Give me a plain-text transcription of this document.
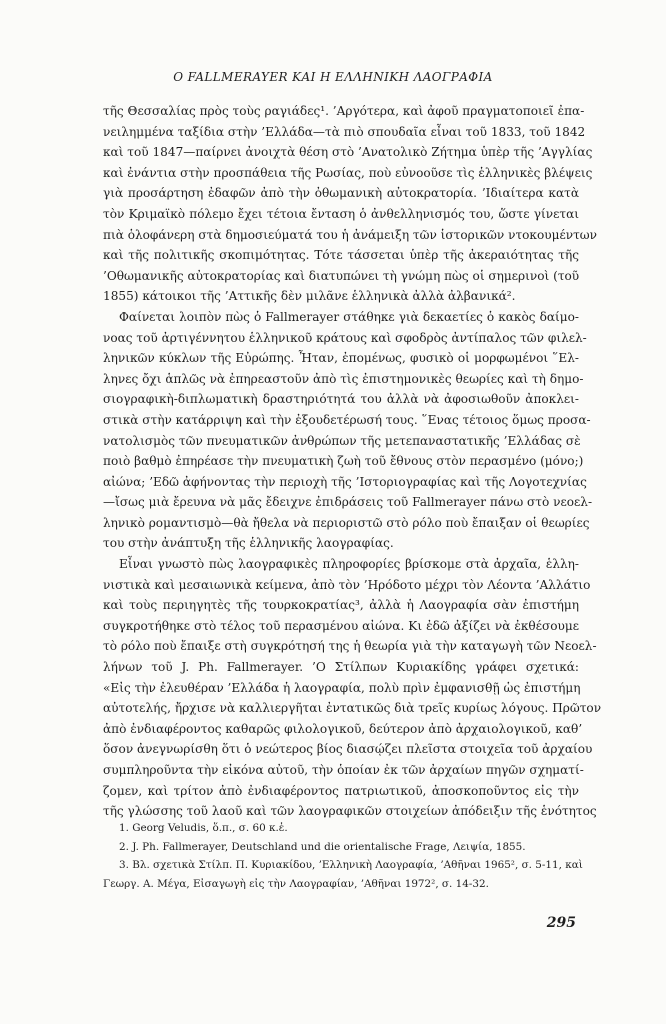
Ο FALLMERAYER ΚΑΙ Η ΕΛΛΗΝΙΚΗ ΛΑΟΓΡΑΦΙΑ
τῆς Θεσσαλίας πρὸς τοὺς ραγιάδες¹. ’Αργότερα, καὶ ἀφοῦ πραγματοποιεῖ ἐπα-
νειλημμένα ταξίδια στὴν ’Ελλάδα—τὰ πιὸ σπουδαῖα εἶναι τοῦ 1833, τοῦ 1842
καὶ τοῦ 1847—παίρνει ἀνοιχτὰ θέση στὸ ’Ανατολικὸ Ζήτημα ὑπὲρ τῆς ’Αγγλίας
καὶ ἐνάντια στὴν προσπάθεια τῆς Ρωσίας, ποὺ εὐνοοῦσε τὶς ἑλληνικὲς βλέψεις
γιὰ προσάρτηση ἐδαφῶν ἀπὸ τὴν ὀθωμανικὴ αὐτοκρατορία. ’Ιδιαίτερα κατὰ
τὸν Κριμαϊκὸ πόλεμο ἔχει τέτοια ἔνταση ὁ ἀνθελληνισμός του, ὥστε γίνεται
πιὰ ὁλοφάνερη στὰ δημοσιεύματά του ἡ ἀνάμειξη τῶν ἱστορικῶν ντοκουμέντων
καὶ τῆς πολιτικῆς σκοπιμότητας. Τότε τάσσεται ὑπὲρ τῆς ἀκεραιότητας τῆς
’Οθωμανικῆς αὐτοκρατορίας καὶ διατυπώνει τὴ γνώμη πὼς οἱ σημερινοὶ (τοῦ
1855) κάτοικοι τῆς ’Αττικῆς δὲν μιλᾶνε ἑλληνικὰ ἀλλὰ ἀλβανικά².
Φαίνεται λοιπὸν πὼς ὁ Fallmerayer στάθηκε γιὰ δεκαετίες ὁ κακὸς δαίμο-
νοας τοῦ ἀρτιγέννητου ἑλληνικοῦ κράτους καὶ σφοδρὸς ἀντίπαλος τῶν φιλελ-
ληνικῶν κύκλων τῆς Εὐρώπης. Ἦταν, ἐπομένως, φυσικὸ οἱ μορφωμένοι ῞Ελ-
ληνες ὄχι ἁπλῶς νὰ ἐπηρεαστοῦν ἀπὸ τὶς ἐπιστημονικὲς θεωρίες καὶ τὴ δημο-
σιογραφικὴ-διπλωματικὴ δραστηριότητά του ἀλλὰ νὰ ἀφοσιωθοῦν ἀποκλει-
στικὰ στὴν κατάρριψη καὶ τὴν ἐξουδετέρωσή τους. ῞Ενας τέτοιος ὅμως προσα-
νατολισμὸς τῶν πνευματικῶν ἀνθρώπων τῆς μετεπαναστατικῆς ’Ελλάδας σὲ
ποιὸ βαθμὸ ἐπηρέασε τὴν πνευματικὴ ζωὴ τοῦ ἔθνους στὸν περασμένο (μόνο;)
αἰώνα; ’Εδῶ ἀφήνοντας τὴν περιοχὴ τῆς ’Ιστοριογραφίας καὶ τῆς Λογοτεχνίας
—ἴσως μιὰ ἔρευνα νὰ μᾶς ἔδειχνε ἐπιδράσεις τοῦ Fallmerayer πάνω στὸ νεοελ-
ληνικὸ ρομαντισμὸ—θὰ ἤθελα νὰ περιοριστῶ στὸ ρόλο ποὺ ἔπαιξαν οἱ θεωρίες
του στὴν ἀνάπτυξη τῆς ἑλληνικῆς λαογραφίας.
Εἶναι γνωστὸ πὼς λαογραφικὲς πληροφορίες βρίσκομε στὰ ἀρχαῖα, ἑλλη-
νιστικὰ καὶ μεσαιωνικὰ κείμενα, ἀπὸ τὸν ’Ηρόδοτο μέχρι τὸν Λέοντα ’Αλλάτιο
καὶ τοὺς περιηγητὲς τῆς τουρκοκρατίας³, ἀλλὰ ἡ Λαογραφία σὰν ἐπιστήμη
συγκροτήθηκε στὸ τέλος τοῦ περασμένου αἰώνα. Κι ἐδῶ ἀξίζει νὰ ἐκθέσουμε
τὸ ρόλο ποὺ ἔπαιξε στὴ συγκρότησή της ἡ θεωρία γιὰ τὴν καταγωγὴ τῶν Νεοελ-
λήνων τοῦ J. Ph. Fallmerayer. ’Ο Στίλπων Κυριακίδης γράφει σχετικά:
«Εἰς τὴν ἐλευθέραν ’Ελλάδα ἡ λαογραφία, πολὺ πρὶν ἐμφανισθῇ ὡς ἐπιστήμη
αὐτοτελής, ἤρχισε νὰ καλλιεργῆται ἐντατικῶς διὰ τρεῖς κυρίως λόγους. Πρῶτον
ἀπὸ ἐνδιαφέροντος καθαρῶς φιλολογικοῦ, δεύτερον ἀπὸ ἀρχαιολογικοῦ, καθ’
ὅσον ἀνεγνωρίσθη ὅτι ὁ νεώτερος βίος διασῴζει πλεῖστα στοιχεῖα τοῦ ἀρχαίου
συμπληροῦντα τὴν εἰκόνα αὐτοῦ, τὴν ὁποίαν ἐκ τῶν ἀρχαίων πηγῶν σχηματί-
ζομεν, καὶ τρίτον ἀπὸ ἐνδιαφέροντος πατριωτικοῦ, ἀποσκοποῦντος εἰς τὴν
τῆς γλώσσης τοῦ λαοῦ καὶ τῶν λαογραφικῶν στοιχείων ἀπόδειξιν τῆς ἑνότητος
1. Georg Veludis, ὅ.π., σ. 60 κ.ἑ.
2. J. Ph. Fallmerayer, Deutschland und die orientalische Frage, Λειψία, 1855.
3. Βλ. σχετικὰ Στίλπ. Π. Κυριακίδου, ’Ελληνικὴ Λαογραφία, ’Αθῆναι 1965², σ. 5-11, καὶ
Γεωργ. Α. Μέγα, Εἰσαγωγὴ εἰς τὴν Λαογραφίαν, ’Αθῆναι 1972², σ. 14-32.
295
